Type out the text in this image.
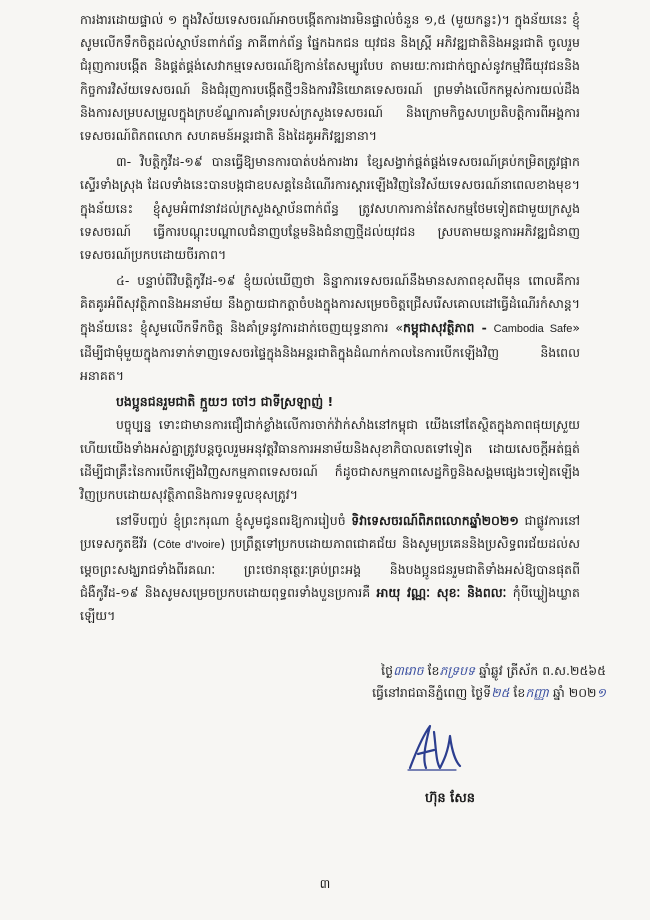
ការងារដោយផ្ទាល់ ១ ក្នុងវិស័យទេសចរណ៍អាចបង្កើតការងារមិនផ្ទាល់ចំនួន ១,៥ (មួយកន្លះ)។ ក្នុងន័យនេះ ខ្ញុំសូមលើកទឹកចិត្តដល់ស្ថាប័នពាក់ព័ន្ធ ភាគីពាក់ព័ន្ធ ផ្នែកឯកជន យុវជន និងស្ត្រី អភិវឌ្ឍជាតិនិងអន្តរជាតិ ចូលរួមជំរុញការបង្កើត និងផ្គត់ផ្គង់សេវាកម្មទេសចរណ៍ឱ្យកាន់តែសម្បូរបែប តាមរយៈការជាក់ច្បាស់នូវកម្មវិធីយុវជននិងកិច្ចការវិស័យទេសចរណ៍ និងជំរុញការបង្កើតថ្មីៗនិងការវិនិយោគទេសចរណ៍ ព្រមទាំងលើកកម្ពស់ការយល់ដឹងនិងការសម្របសម្រួលក្នុងក្របខ័ណ្ឌការគាំទ្ររបស់ក្រសួងទេសចរណ៍ និងក្រោមកិច្ចសហប្រតិបត្តិការពីអង្គការទេសចរណ៍ពិភពលោក សហគមន៍អន្តរជាតិ និងដៃគូអភិវឌ្ឍនានា។

៣- វិបត្តិកូវីដ-១៩ បានធ្វើឱ្យមានការបាត់បង់ការងារ ខ្សែសង្វាក់ផ្គត់ផ្គង់ទេសចរណ៍គ្រប់កម្រិតត្រូវផ្អាកស្ទើរទាំងស្រុង ដែលទាំងនេះបានបង្កជាឧបសគ្គនៃដំណើរការស្តារឡើងវិញនៃវិស័យទេសចរណ៍នាពេលខាងមុខ។ ក្នុងន័យនេះ ខ្ញុំសូមអំពាវនាវដល់ក្រសួងស្ថាប័នពាក់ព័ន្ធ ត្រូវសហការកាន់តែសកម្មថែមទៀតជាមួយក្រសួងទេសចរណ៍ ធ្វើការបណ្តុះបណ្តាលជំនាញបន្ថែមនិងជំនាញថ្មីដល់យុវជន ស្របតាមយន្តការអភិវឌ្ឍជំនាញទេសចរណ៍ប្រកបដោយចីរភាព។

៤- បន្ទាប់ពីវិបត្តិកូវីដ-១៩ ខ្ញុំយល់ឃើញថា និន្នាការទេសចរណ៍នឹងមានសភាពខុសពីមុន ពោលគឺការគិតគូរអំពីសុវត្ថិភាពនិងអនាម័យ នឹងក្លាយជាកត្តាចំបងក្នុងការសម្រេចចិត្តជ្រើសរើសគោលដៅធ្វើដំណើរកំសាន្ត។ ក្នុងន័យនេះ ខ្ញុំសូមលើកទឹកចិត្ត និងគាំទ្រនូវការដាក់ចេញយុទ្ធនាការ «កម្ពុជាសុវត្ថិភាព - Cambodia Safe» ដើម្បីជាមុំមួយក្នុងការទាក់ទាញទេសចរផ្ទៃក្នុងនិងអន្តរជាតិក្នុងដំណាក់កាលនៃការបើកឡើងវិញ និងពេលអនាគត។

បងប្អូនជនរួមជាតិ ក្មួយៗ ចៅៗ ជាទីស្រឡាញ់ !

បច្ចុប្បន្ន ទោះជាមានការជឿជាក់ខ្លាំងលើការចាក់វ៉ាក់សាំងនៅកម្ពុជា យើងនៅតែស្ថិតក្នុងភាពផុយស្រួយ ហើយយើងទាំងអស់គ្នាត្រូវបន្តចូលរួមអនុវត្តវិធានការអនាម័យនិងសុខាភិបាលតទៅទៀត ដោយសេចក្តីអត់ធ្មត់ ដើម្បីជាគ្រឹះនៃការបើកឡើងវិញសកម្មភាពទេសចរណ៍ ក៏ដូចជាសកម្មភាពសេដ្ឋកិច្ចនិងសង្គមផ្សេងៗទៀតឡើងវិញប្រកបដោយសុវត្ថិភាពនិងការទទួលខុសត្រូវ។

នៅទីបញ្ចប់ ខ្ញុំព្រះករុណា ខ្ញុំសូមជូនពរឱ្យការរៀបចំ ទិវាទេសចរណ៍ពិភពលោកឆ្នាំ២០២១ ជាផ្លូវការនៅប្រទេសកូតឌីវ័រ (Côte d'Ivoire) ប្រព្រឹត្តទៅប្រកបដោយភាពជោគជ័យ និងសូមប្រគេននិងប្រសិទ្ធពរជ័យដល់សម្តេចព្រះសង្ឃរាជទាំងពីរគណៈ ព្រះថេរានុត្ថេរៈគ្រប់ព្រះអង្គ និងបងប្អូនជនរួមជាតិទាំងអស់ឱ្យបានផុតពីជំងឺកូវីដ-១៩ និងសូមសម្រេចប្រកបដោយពុទ្ធពរទាំងបួនប្រការគឺ អាយុ វណ្ណៈ សុខៈ និងពលៈ កុំបីឃ្លៀងឃ្លាតឡើយ។

ថ្ងៃ៣រោច ខែភទ្របទ ឆ្នាំឆ្លូវ ត្រីស័ក ព.ស.២៥៦៥
ធ្វើនៅរាជធានីភ្នំពេញ ថ្ងៃទី២៥ ខែកញ្ញា ឆ្នាំ ២០២១
ហ៊ុន សែន
៣
